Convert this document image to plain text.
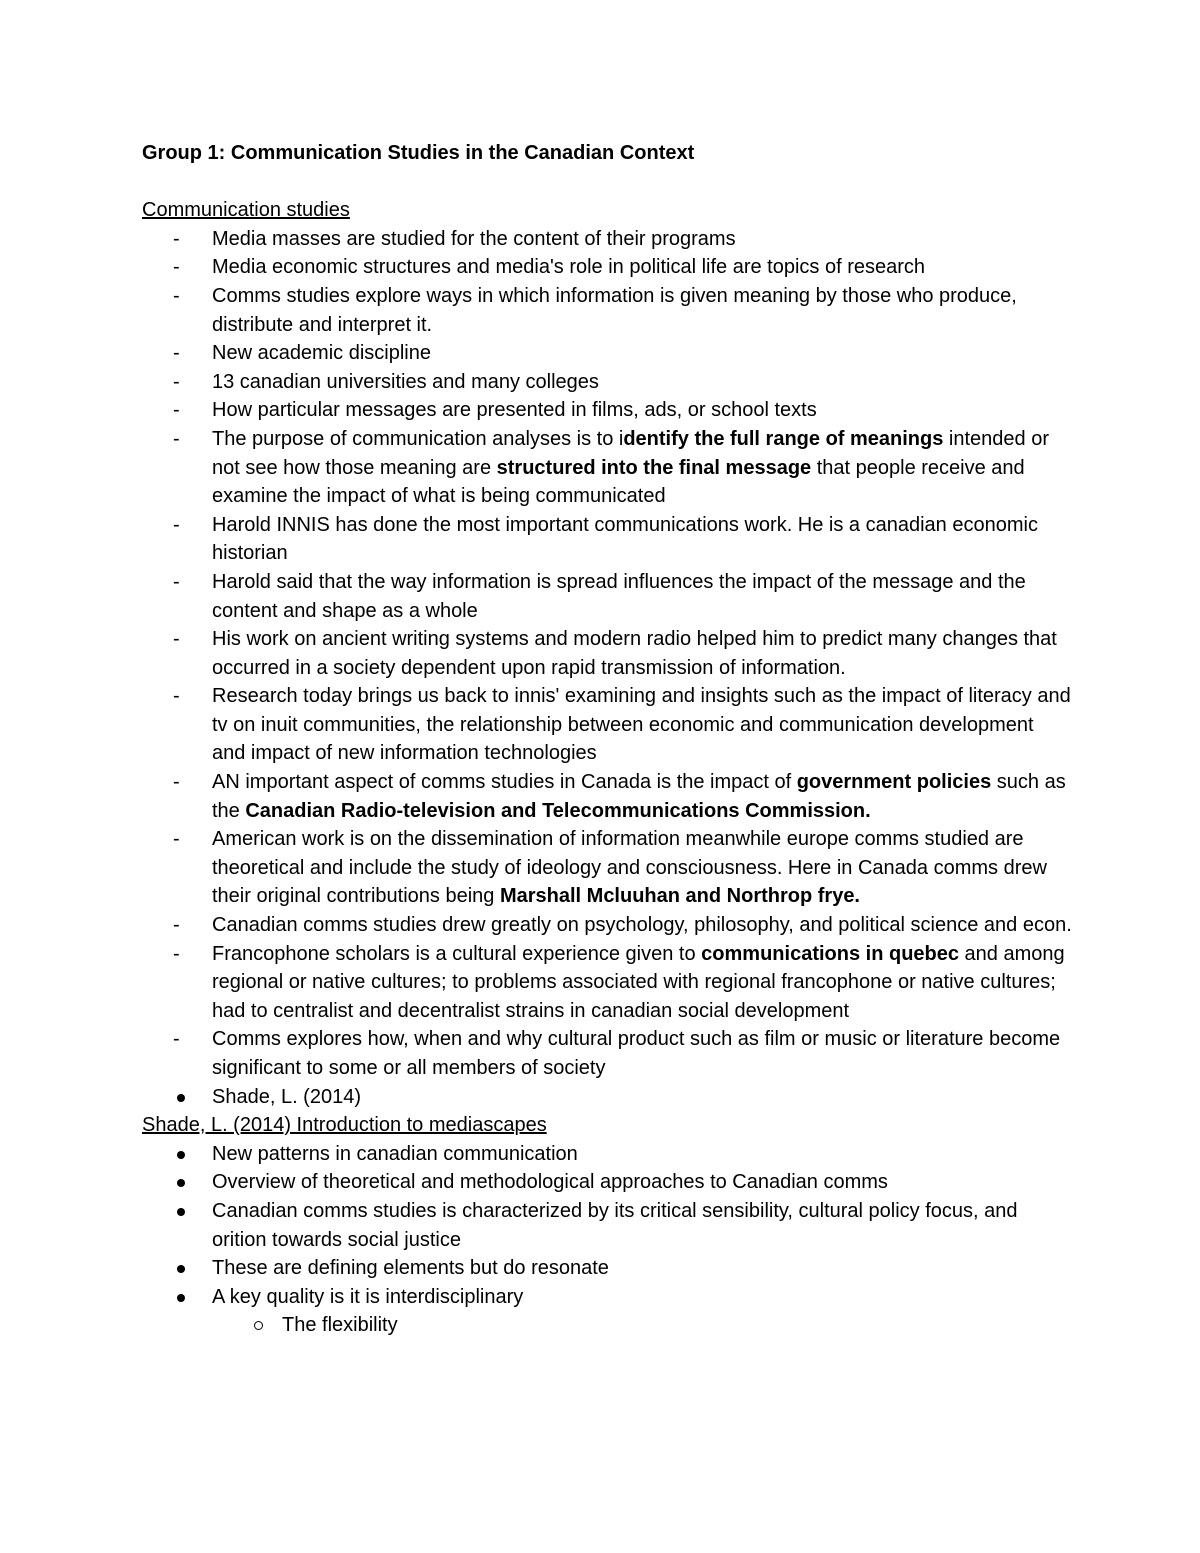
Group 1: Communication Studies in the Canadian Context

Communication studies

-
Media masses are studied for the content of their programs
-
Media economic structures and media's role in political life are topics of research
-
Comms studies explore ways in which information is given meaning by those who produce, distribute and interpret it.
-
New academic discipline
-
13 canadian universities and many colleges
-
How particular messages are presented in films, ads, or school texts
-
The purpose of communication analyses is to identify the full range of meanings intended or not see how those meaning are structured into the final message that people receive and examine the impact of what is being communicated
-
Harold INNIS has done the most important communications work. He is a canadian economic historian
-
Harold said that the way information is spread influences the impact of the message and the content and shape as a whole
-
His work on ancient writing systems and modern radio helped him to predict many changes that occurred in a society dependent upon rapid transmission of information.
-
Research today brings us back to innis' examining and insights such as the impact of literacy and tv on inuit communities, the relationship between economic and communication development and impact of new information technologies
-
AN important aspect of comms studies in Canada is the impact of government policies such as the Canadian Radio-television and Telecommunications Commission.
-
American work is on the dissemination of information meanwhile europe comms studied are theoretical and include the study of ideology and consciousness. Here in Canada comms drew their original contributions being Marshall Mcluuhan and Northrop frye.
-
Canadian comms studies drew greatly on psychology, philosophy, and political science and econ.
-
Francophone scholars is a cultural experience given to communications in quebec and among regional or native cultures; to problems associated with regional francophone or native cultures; had to centralist and decentralist strains in canadian social development
-
Comms explores how, when and why cultural product such as film or music or literature become significant to some or all members of society
Shade, L. (2014)

Shade, L. (2014) Introduction to mediascapes

New patterns in canadian communication
Overview of theoretical and methodological approaches to Canadian comms
Canadian comms studies is characterized by its critical sensibility, cultural policy focus, and orition towards social justice
These are defining elements but do resonate
A key quality is it is interdisciplinary
The flexibility
